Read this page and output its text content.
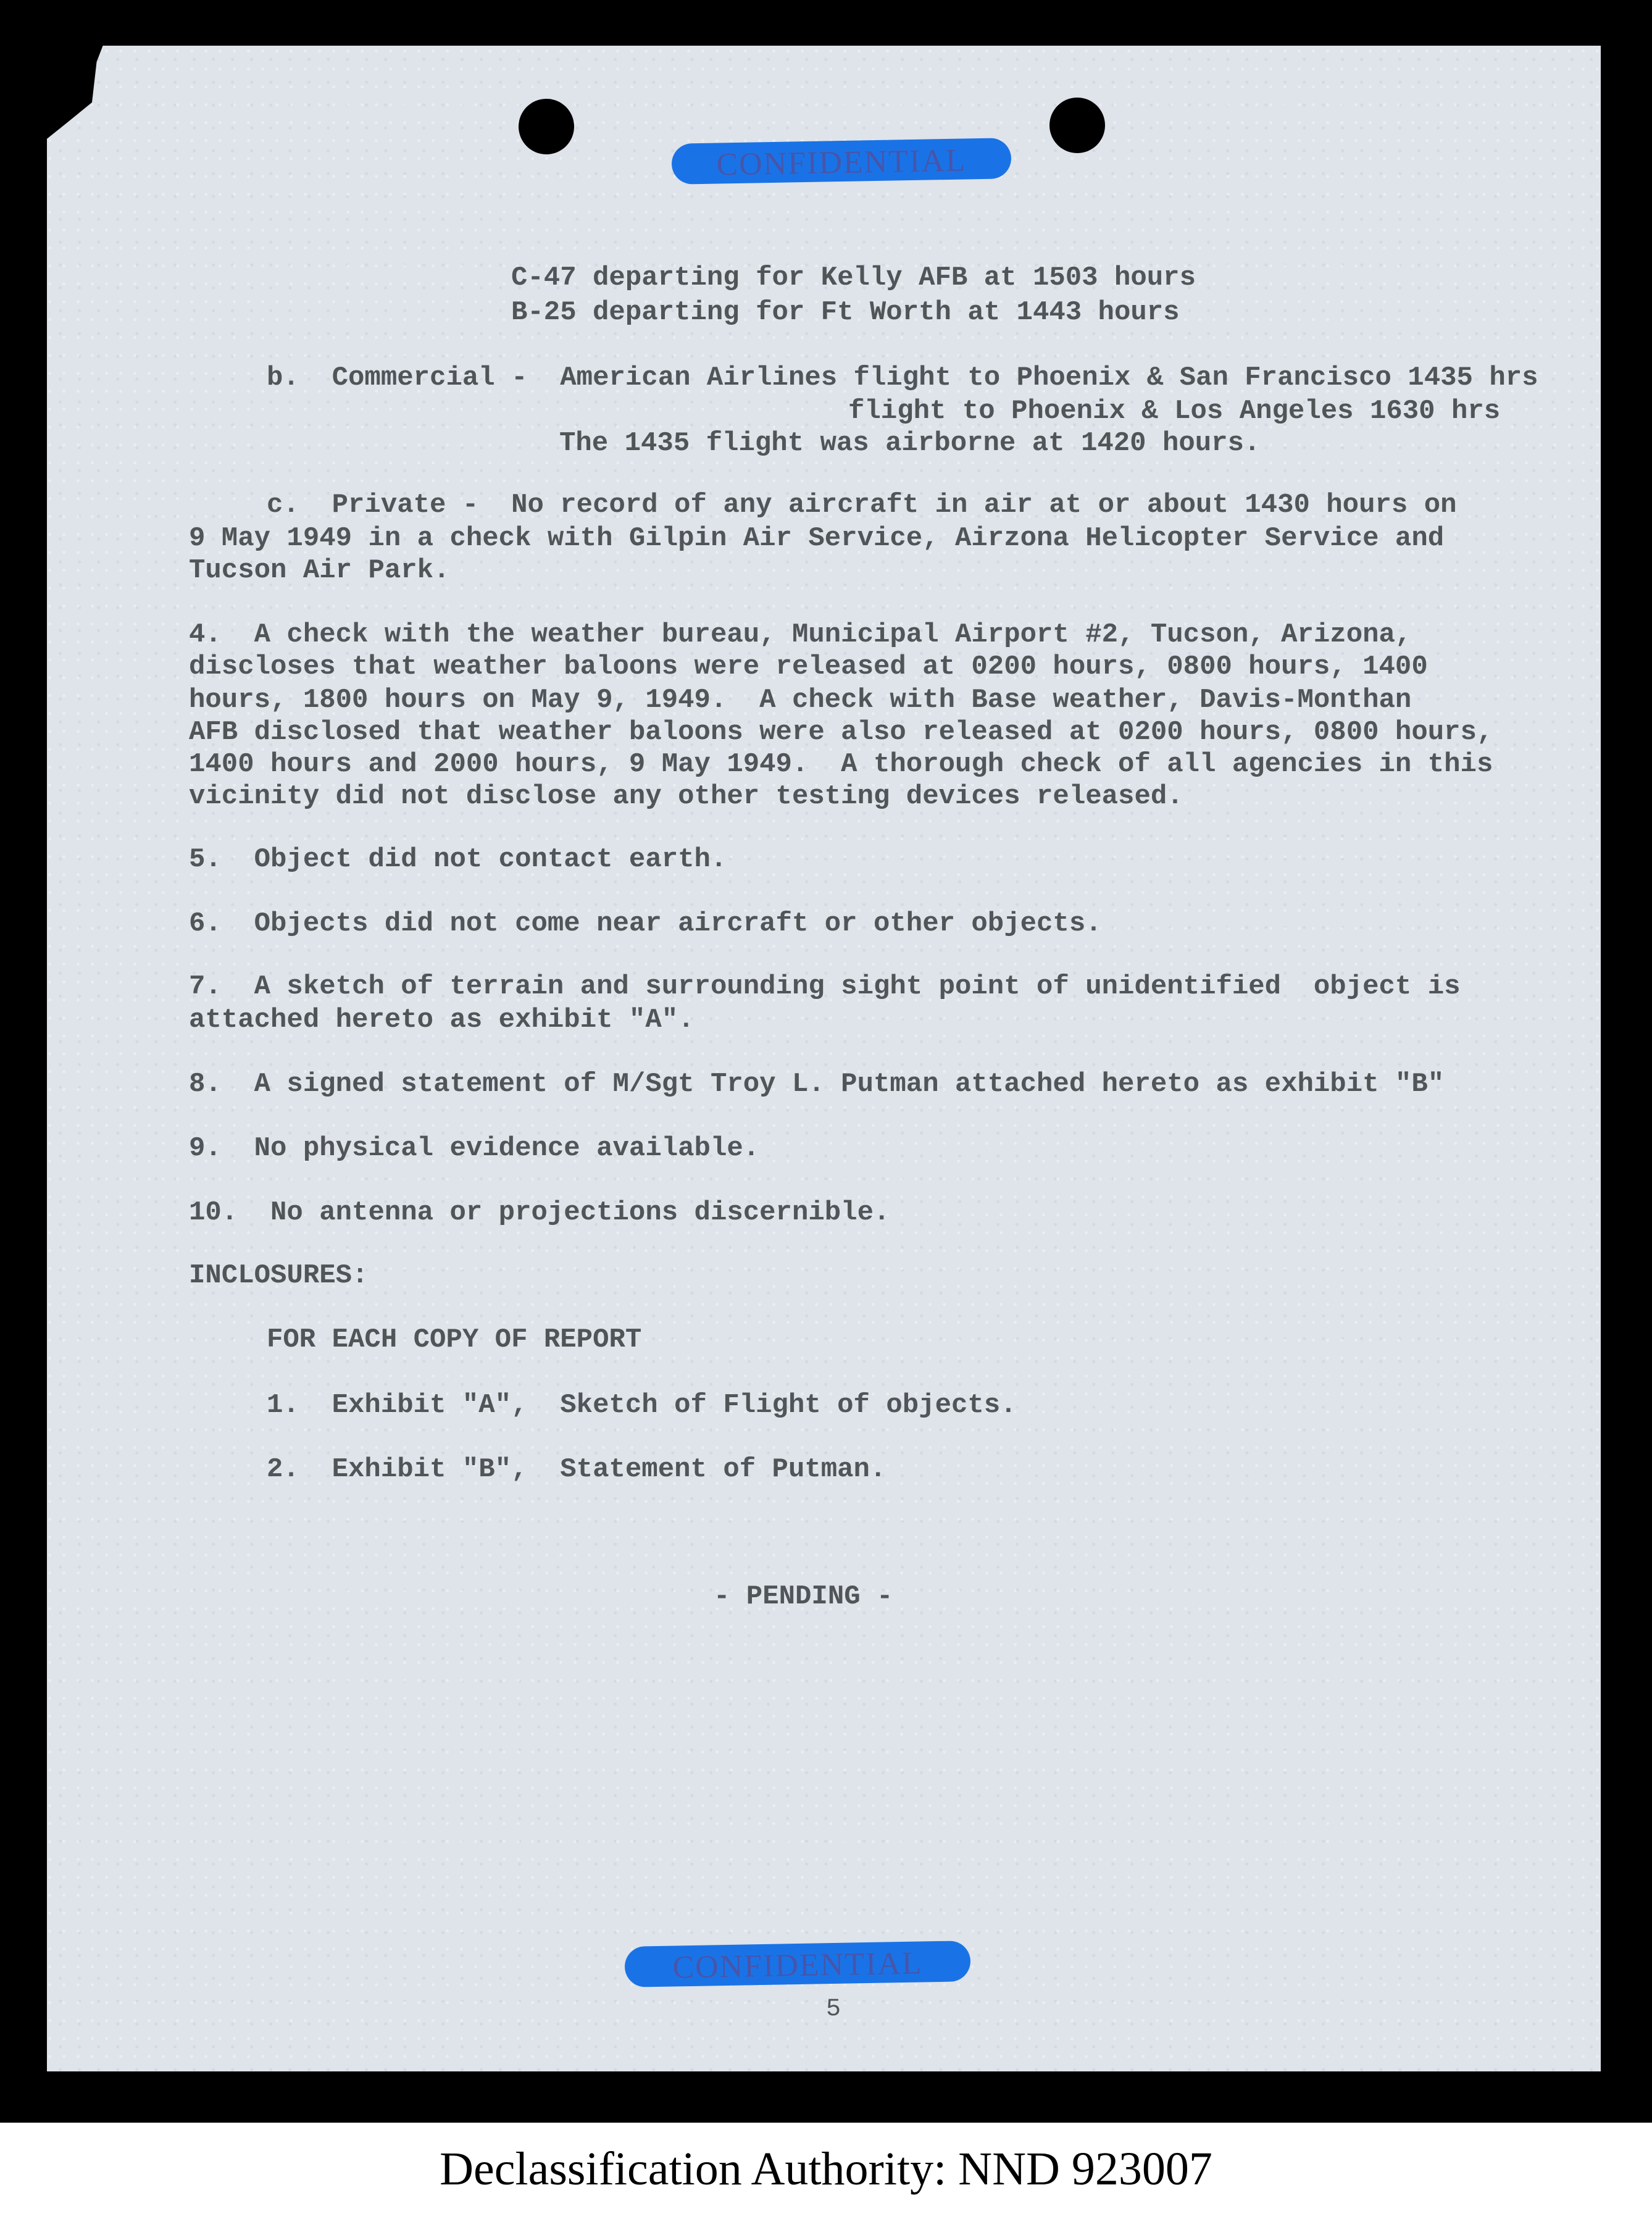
CONFIDENTIAL

C-47 departing for Kelly AFB at 1503 hours

B-25 departing for Ft Worth at 1443 hours

b.  Commercial -  American Airlines flight to Phoenix & San Francisco 1435 hrs

flight to Phoenix & Los Angeles 1630 hrs

The 1435 flight was airborne at 1420 hours.

c.  Private -  No record of any aircraft in air at or about 1430 hours on

9 May 1949 in a check with Gilpin Air Service, Airzona Helicopter Service and

Tucson Air Park.

4.  A check with the weather bureau, Municipal Airport #2, Tucson, Arizona,

discloses that weather baloons were released at 0200 hours, 0800 hours, 1400

hours, 1800 hours on May 9, 1949.  A check with Base weather, Davis-Monthan

AFB disclosed that weather baloons were also released at 0200 hours, 0800 hours,

1400 hours and 2000 hours, 9 May 1949.  A thorough check of all agencies in this

vicinity did not disclose any other testing devices released.

5.  Object did not contact earth.

6.  Objects did not come near aircraft or other objects.

7.  A sketch of terrain and surrounding sight point of unidentified  object is

attached hereto as exhibit "A".

8.  A signed statement of M/Sgt Troy L. Putman attached hereto as exhibit "B"

9.  No physical evidence available.

10.  No antenna or projections discernible.

INCLOSURES:

FOR EACH COPY OF REPORT

1.  Exhibit "A",  Sketch of Flight of objects.

2.  Exhibit "B",  Statement of Putman.

- PENDING -

CONFIDENTIAL
5
Declassification Authority: NND 923007
